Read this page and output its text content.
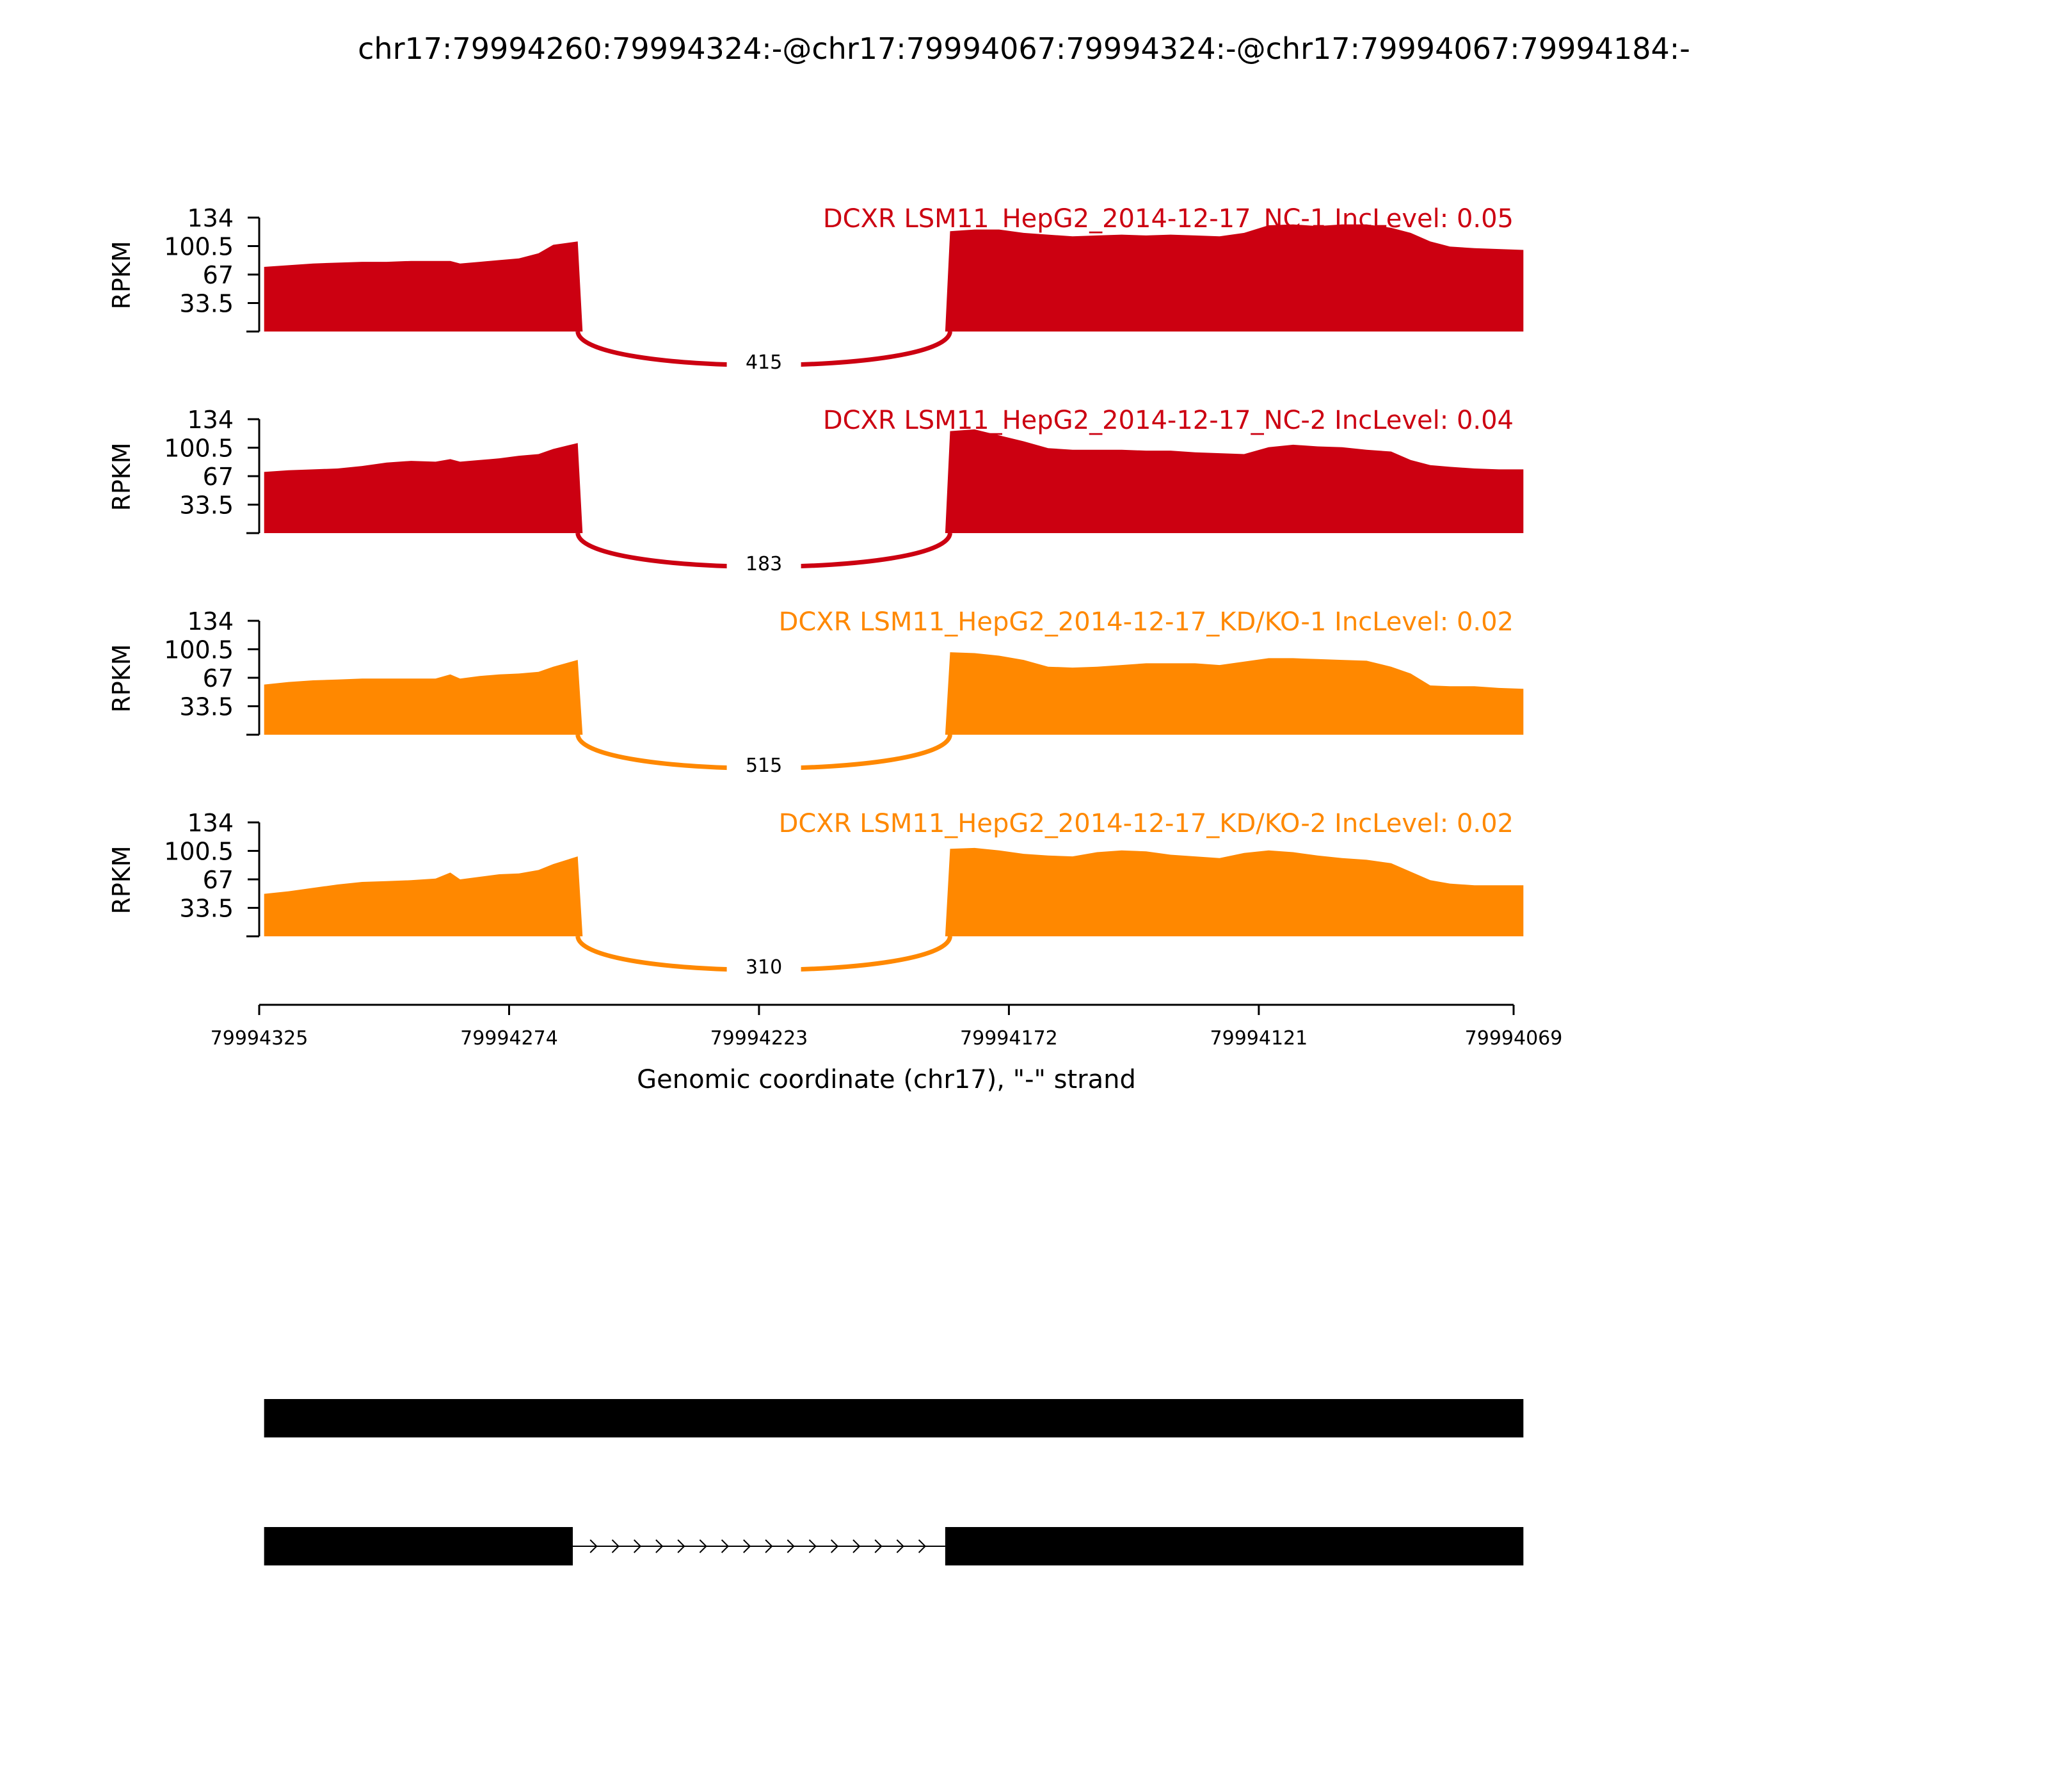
chr17:79994260:79994324:-@chr17:79994067:79994324:-@chr17:79994067:79994184:-
134
100.5
67
33.5
RPKM
DCXR LSM11_HepG2_2014-12-17_NC-1 IncLevel: 0.05
415
134
100.5
67
33.5
RPKM
DCXR LSM11_HepG2_2014-12-17_NC-2 IncLevel: 0.04
183
134
100.5
67
33.5
RPKM
DCXR LSM11_HepG2_2014-12-17_KD/KO-1 IncLevel: 0.02
515
134
100.5
67
33.5
RPKM
DCXR LSM11_HepG2_2014-12-17_KD/KO-2 IncLevel: 0.02
310
79994325	79994274	79994223	79994172	79994121	79994069
Genomic coordinate (chr17), "-" strand
